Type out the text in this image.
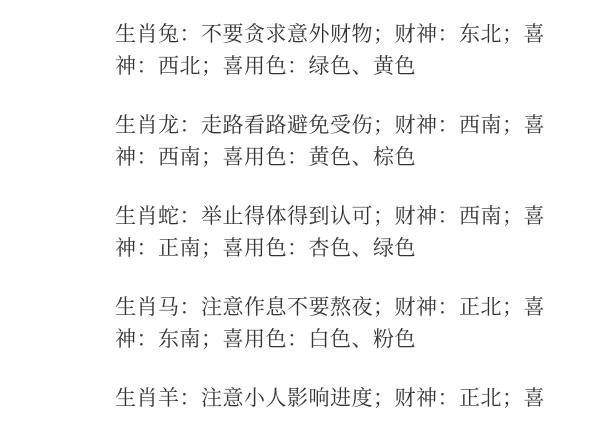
生肖兔：不要贪求意外财物；财神：东北；喜
神：西北；喜用色：绿色、黄色

生肖龙：走路看路避免受伤；财神：西南；喜
神：西南；喜用色：黄色、棕色

生肖蛇：举止得体得到认可；财神：西南；喜
神：正南；喜用色：杏色、绿色

生肖马：注意作息不要熬夜；财神：正北；喜
神：东南；喜用色：白色、粉色

生肖羊：注意小人影响进度；财神：正北；喜
